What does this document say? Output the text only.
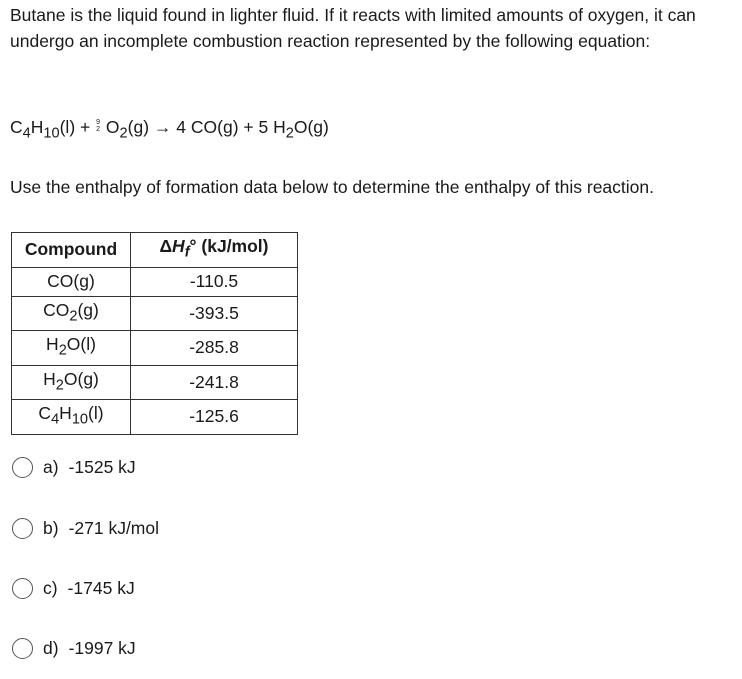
Butane is the liquid found in lighter fluid. If it reacts with limited amounts of oxygen, it can undergo an incomplete combustion reaction represented by the following equation:

$C_4H_{10}(l) + 9$
2 $O_2(g) \to 4$ CO(g) + 5 $H_2O(g)$
Use the enthalpy of formation data below to determine the enthalpy of this reaction.
Compound	$\Delta H_f^\circ$ (kJ/mol)
CO(g)	-110.5
$CO_2(g)$	-393.5
$H_2O(l)$	-285.8
$H_2O(g)$	-241.8
$C_4H_{10}(l)$	-125.6
a) -1525 kJ
b) -271 kJ/mol
c) -1745 kJ
d) -1997 kJ
